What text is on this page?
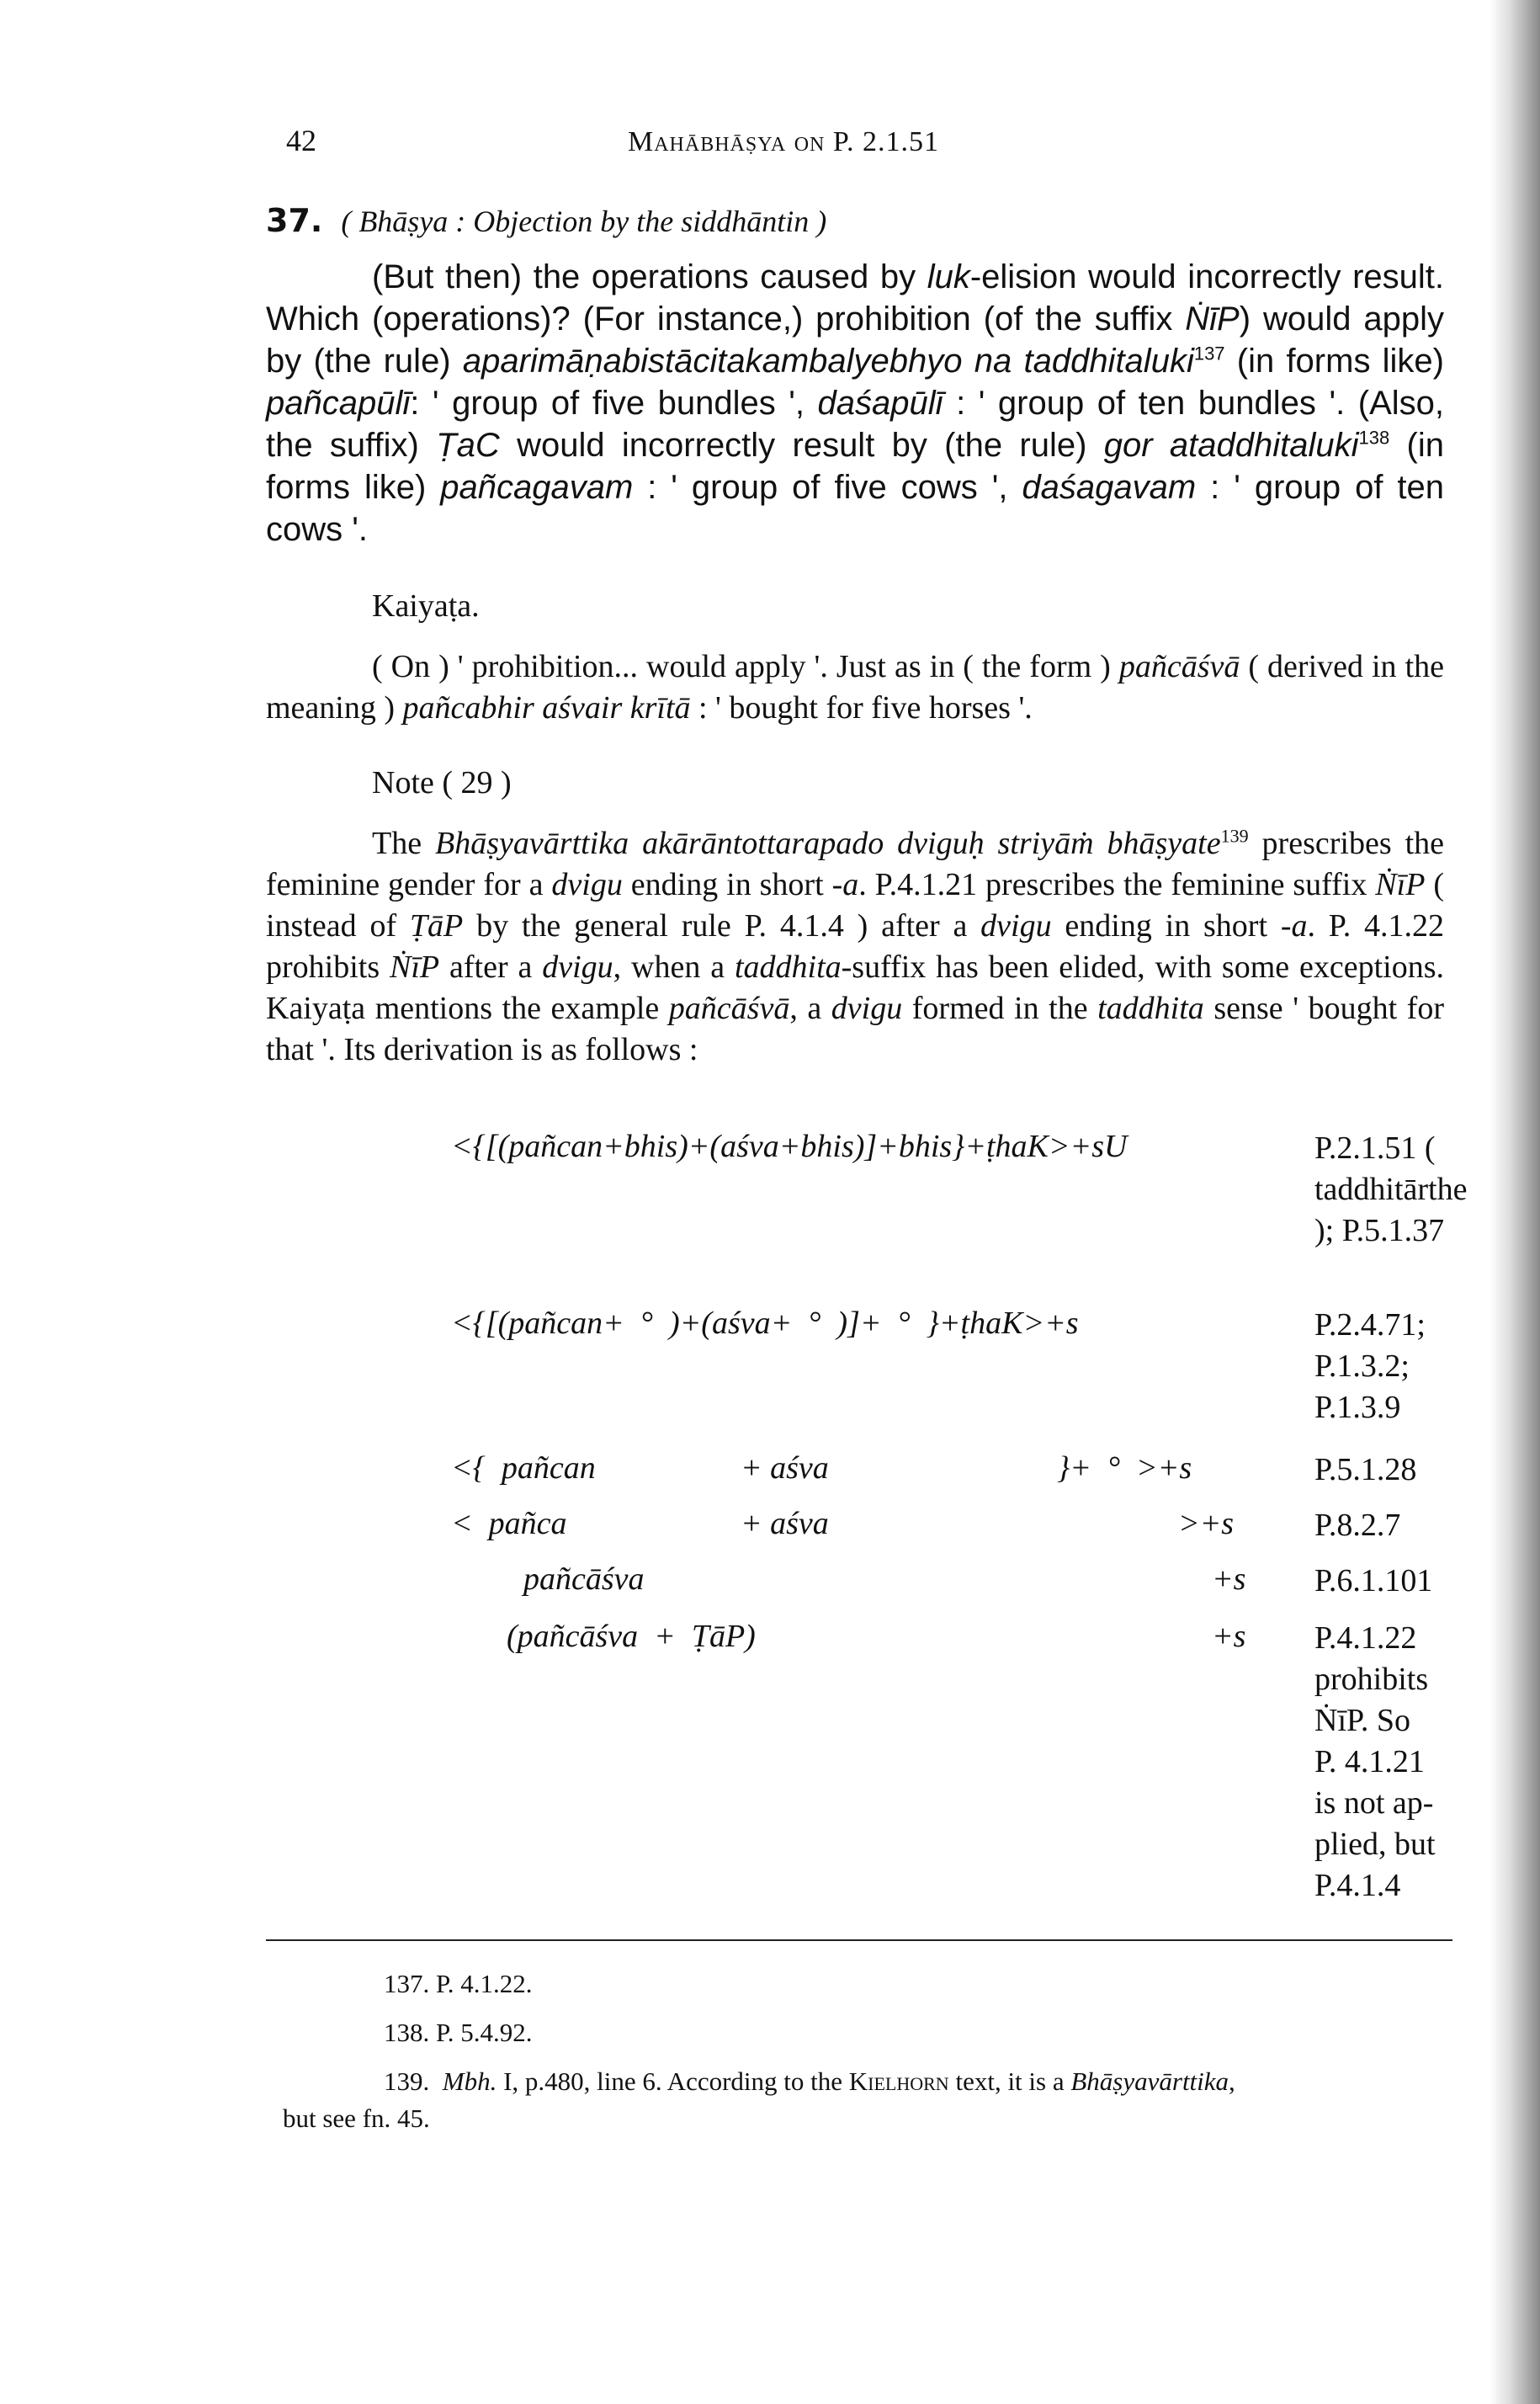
42	Mahābhāṣya on P. 2.1.51
37. ( Bhāṣya : Objection by the siddhāntin )

(But then) the operations caused by luk-elision would incorrectly result. Which (operations)? (For instance,) prohibition (of the suffix ṄīP) would apply by (the rule) aparimāṇabistācitakambalyebhyo na taddhitaluki$^{137}$ (in forms like) pañcapūlī: ' group of five bundles ', daśapūlī : ' group of ten bundles '. (Also, the suffix) ṬaC would incorrectly result by (the rule) gor ataddhitaluki$^{138}$ (in forms like) pañcagavam : ' group of five cows ', daśagavam : ' group of ten cows '.

Kaiyaṭa.

( On ) ' prohibition... would apply '. Just as in ( the form ) pañcāśvā ( derived in the meaning ) pañcabhir aśvair krītā : ' bought for five horses '.

Note ( 29 )

The Bhāṣyavārttika akārāntottarapado dviguḥ striyāṁ bhāṣyate$^{139}$ prescribes the feminine gender for a dvigu ending in short -a. P.4.1.21 prescribes the feminine suffix ṄīP ( instead of ṬāP by the general rule P. 4.1.4 ) after a dvigu ending in short -a. P. 4.1.22 prohibits ṄīP after a dvigu, when a taddhita-suffix has been elided, with some exceptions. Kaiyaṭa mentions the example pañcāśvā, a dvigu formed in the taddhita sense ' bought for that '. Its derivation is as follows :

<{[(pañcan+bhis)+(aśva+bhis)]+bhis}+ṭhaK>+sU	P.2.1.51 ( taddhitārthe ); P.5.1.37
<{[(pañcan+  °  )+(aśva+  °  )]+  °  }+ṭhaK>+s	P.2.4.71; P.1.3.2; P.1.3.9
<{  pañcan	+ aśva	}+  °  >+s	P.5.1.28
<  pañca	+ aśva	>+s	P.8.2.7
pañcāśva	+s P.6.1.101
(pañcāśva  +  ṬāP)	+s P.4.1.22
prohibits
ṄīP. So
P. 4.1.21
is not ap-
plied, but
P.4.1.4
137. P. 4.1.22.
138. P. 5.4.92.
139. Mbh. I, p.480, line 6. According to the Kielhorn text, it is a Bhāṣyavārttika,
but see fn. 45.
